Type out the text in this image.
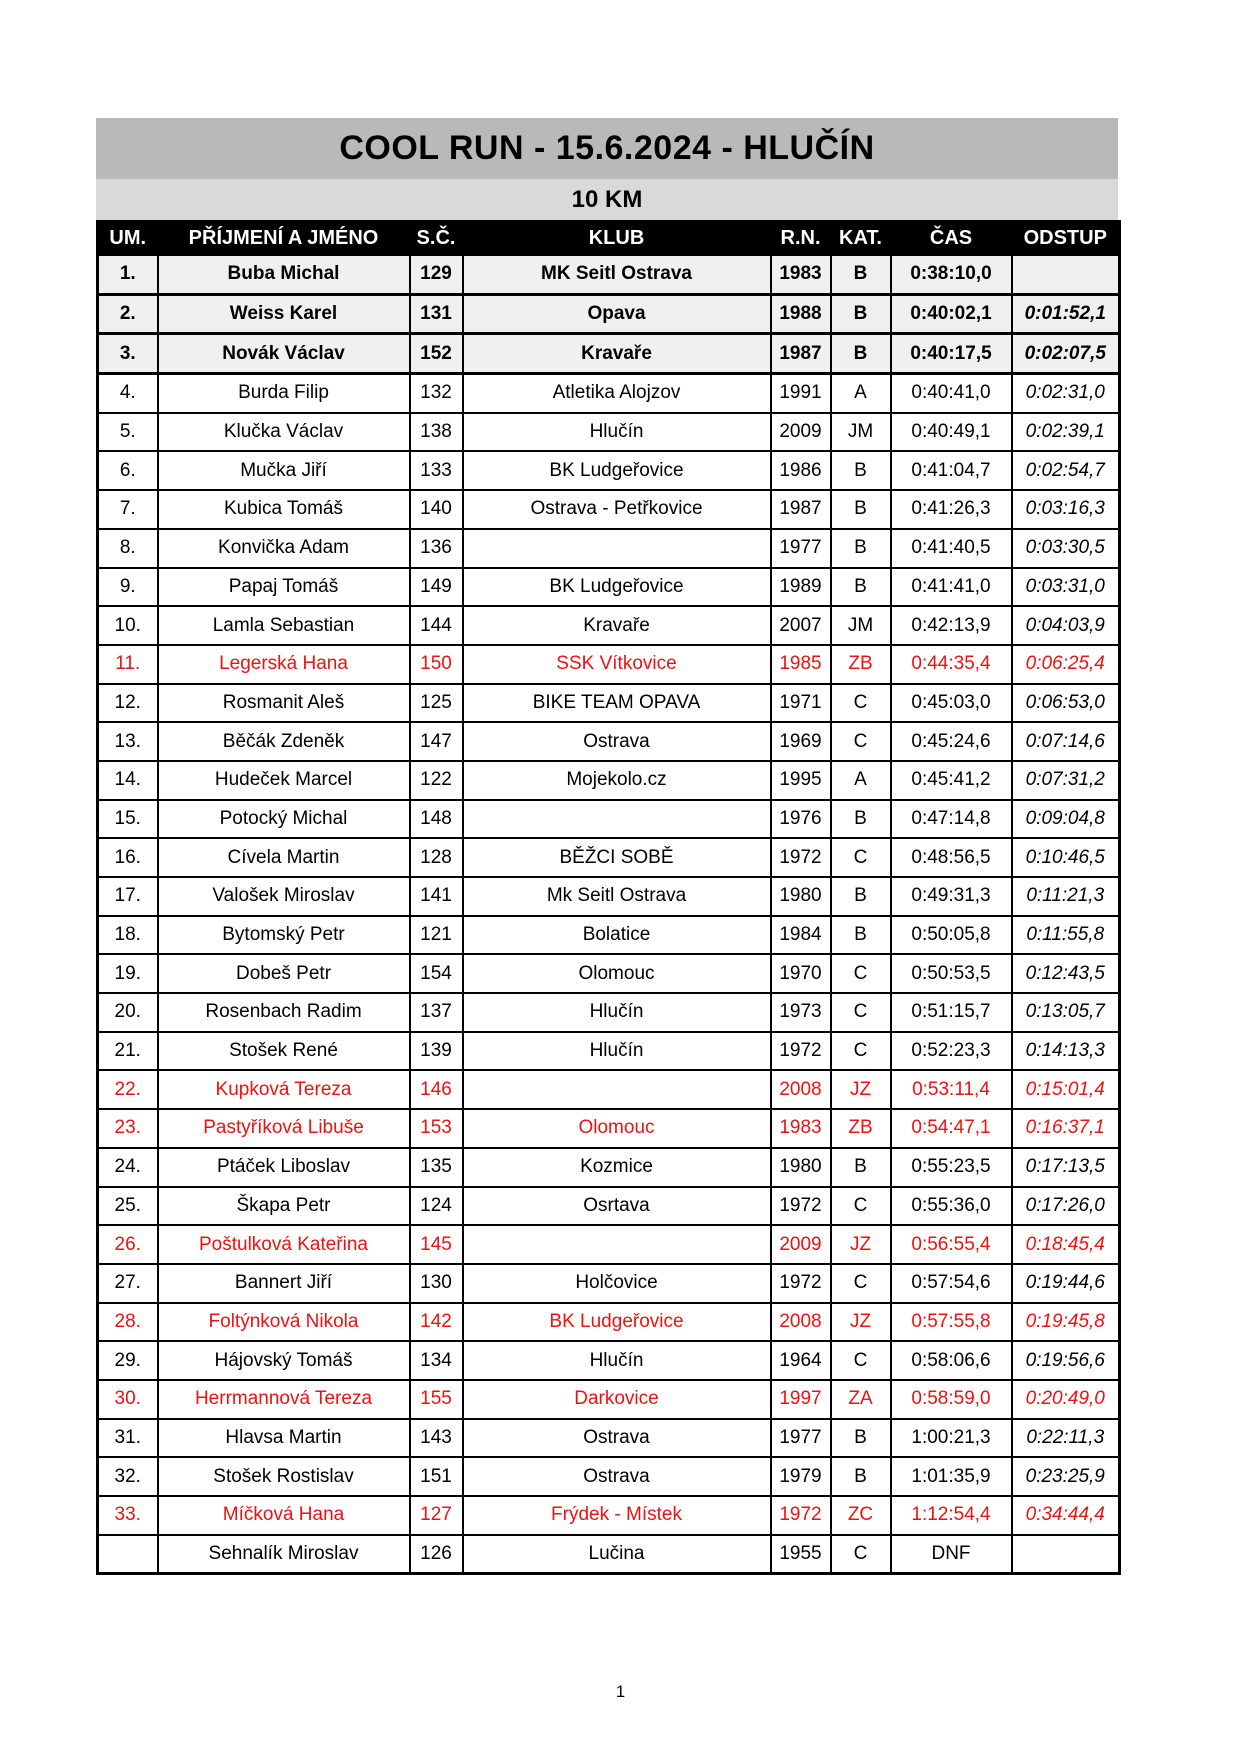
COOL RUN - 15.6.2024 - HLUČÍN
10 KM
UM.	PŘÍJMENÍ A JMÉNO	S.Č.	KLUB	R.N.	KAT.	ČAS	ODSTUP
1.	Buba Michal	129	MK Seitl Ostrava	1983	B	0:38:10,0	
2.	Weiss Karel	131	Opava	1988	B	0:40:02,1	0:01:52,1
3.	Novák Václav	152	Kravaře	1987	B	0:40:17,5	0:02:07,5
4.	Burda Filip	132	Atletika Alojzov	1991	A	0:40:41,0	0:02:31,0
5.	Klučka Václav	138	Hlučín	2009	JM	0:40:49,1	0:02:39,1
6.	Mučka Jiří	133	BK Ludgeřovice	1986	B	0:41:04,7	0:02:54,7
7.	Kubica Tomáš	140	Ostrava - Petřkovice	1987	B	0:41:26,3	0:03:16,3
8.	Konvička Adam	136		1977	B	0:41:40,5	0:03:30,5
9.	Papaj Tomáš	149	BK Ludgeřovice	1989	B	0:41:41,0	0:03:31,0
10.	Lamla Sebastian	144	Kravaře	2007	JM	0:42:13,9	0:04:03,9
11.	Legerská Hana	150	SSK Vítkovice	1985	ZB	0:44:35,4	0:06:25,4
12.	Rosmanit Aleš	125	BIKE TEAM OPAVA	1971	C	0:45:03,0	0:06:53,0
13.	Běčák Zdeněk	147	Ostrava	1969	C	0:45:24,6	0:07:14,6
14.	Hudeček Marcel	122	Mojekolo.cz	1995	A	0:45:41,2	0:07:31,2
15.	Potocký Michal	148		1976	B	0:47:14,8	0:09:04,8
16.	Cívela Martin	128	BĚŽCI SOBĚ	1972	C	0:48:56,5	0:10:46,5
17.	Valošek Miroslav	141	Mk Seitl Ostrava	1980	B	0:49:31,3	0:11:21,3
18.	Bytomský Petr	121	Bolatice	1984	B	0:50:05,8	0:11:55,8
19.	Dobeš Petr	154	Olomouc	1970	C	0:50:53,5	0:12:43,5
20.	Rosenbach Radim	137	Hlučín	1973	C	0:51:15,7	0:13:05,7
21.	Stošek René	139	Hlučín	1972	C	0:52:23,3	0:14:13,3
22.	Kupková Tereza	146		2008	JZ	0:53:11,4	0:15:01,4
23.	Pastyříková Libuše	153	Olomouc	1983	ZB	0:54:47,1	0:16:37,1
24.	Ptáček Liboslav	135	Kozmice	1980	B	0:55:23,5	0:17:13,5
25.	Škapa Petr	124	Osrtava	1972	C	0:55:36,0	0:17:26,0
26.	Poštulková Kateřina	145		2009	JZ	0:56:55,4	0:18:45,4
27.	Bannert Jiří	130	Holčovice	1972	C	0:57:54,6	0:19:44,6
28.	Foltýnková Nikola	142	BK Ludgeřovice	2008	JZ	0:57:55,8	0:19:45,8
29.	Hájovský Tomáš	134	Hlučín	1964	C	0:58:06,6	0:19:56,6
30.	Herrmannová Tereza	155	Darkovice	1997	ZA	0:58:59,0	0:20:49,0
31.	Hlavsa Martin	143	Ostrava	1977	B	1:00:21,3	0:22:11,3
32.	Stošek Rostislav	151	Ostrava	1979	B	1:01:35,9	0:23:25,9
33.	Míčková Hana	127	Frýdek - Místek	1972	ZC	1:12:54,4	0:34:44,4
	Sehnalík Miroslav	126	Lučina	1955	C	DNF	
1
